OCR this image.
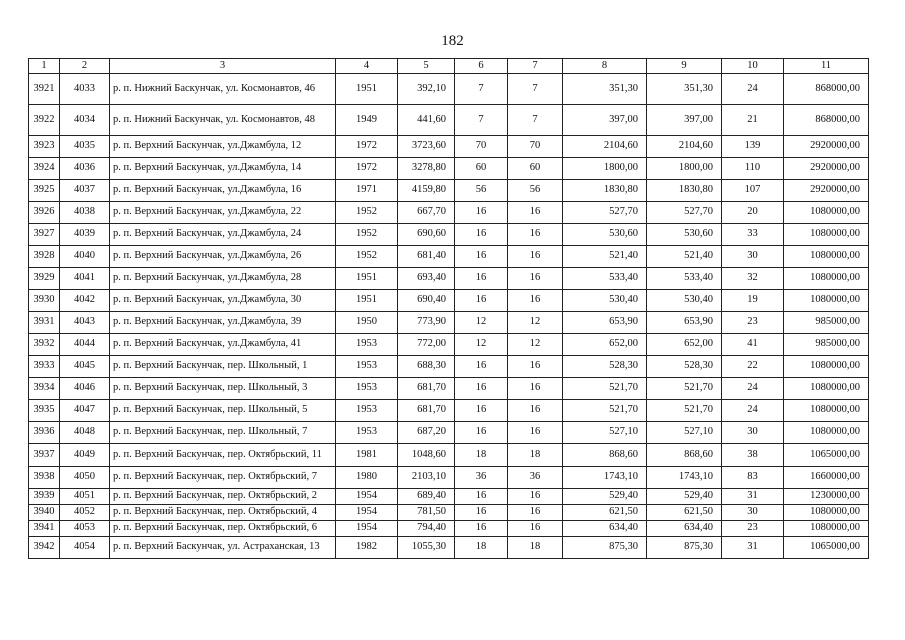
182
1	2	3	4	5	6	7	8	9	10	11
3921	4033	р. п. Нижний Баскунчак, ул. Космонавтов, 46	1951	392,10	7	7	351,30	351,30	24	868000,00
3922	4034	р. п. Нижний Баскунчак, ул. Космонавтов, 48	1949	441,60	7	7	397,00	397,00	21	868000,00
3923	4035	р. п. Верхний Баскунчак, ул.Джамбула, 12	1972	3723,60	70	70	2104,60	2104,60	139	2920000,00
3924	4036	р. п. Верхний Баскунчак, ул.Джамбула, 14	1972	3278,80	60	60	1800,00	1800,00	110	2920000,00
3925	4037	р. п. Верхний Баскунчак, ул.Джамбула, 16	1971	4159,80	56	56	1830,80	1830,80	107	2920000,00
3926	4038	р. п. Верхний Баскунчак, ул.Джамбула, 22	1952	667,70	16	16	527,70	527,70	20	1080000,00
3927	4039	р. п. Верхний Баскунчак, ул.Джамбула, 24	1952	690,60	16	16	530,60	530,60	33	1080000,00
3928	4040	р. п. Верхний Баскунчак, ул.Джамбула, 26	1952	681,40	16	16	521,40	521,40	30	1080000,00
3929	4041	р. п. Верхний Баскунчак, ул.Джамбула, 28	1951	693,40	16	16	533,40	533,40	32	1080000,00
3930	4042	р. п. Верхний Баскунчак, ул.Джамбула, 30	1951	690,40	16	16	530,40	530,40	19	1080000,00
3931	4043	р. п. Верхний Баскунчак, ул.Джамбула, 39	1950	773,90	12	12	653,90	653,90	23	985000,00
3932	4044	р. п. Верхний Баскунчак, ул.Джамбула, 41	1953	772,00	12	12	652,00	652,00	41	985000,00
3933	4045	р. п. Верхний Баскунчак, пер. Школьный, 1	1953	688,30	16	16	528,30	528,30	22	1080000,00
3934	4046	р. п. Верхний Баскунчак, пер. Школьный, 3	1953	681,70	16	16	521,70	521,70	24	1080000,00
3935	4047	р. п. Верхний Баскунчак, пер. Школьный, 5	1953	681,70	16	16	521,70	521,70	24	1080000,00
3936	4048	р. п. Верхний Баскунчак, пер. Школьный, 7	1953	687,20	16	16	527,10	527,10	30	1080000,00
3937	4049	р. п. Верхний Баскунчак, пер. Октябрьский, 11	1981	1048,60	18	18	868,60	868,60	38	1065000,00
3938	4050	р. п. Верхний Баскунчак, пер. Октябрьский, 7	1980	2103,10	36	36	1743,10	1743,10	83	1660000,00
3939	4051	р. п. Верхний Баскунчак, пер. Октябрьский, 2	1954	689,40	16	16	529,40	529,40	31	1230000,00
3940	4052	р. п. Верхний Баскунчак, пер. Октябрьский, 4	1954	781,50	16	16	621,50	621,50	30	1080000,00
3941	4053	р. п. Верхний Баскунчак, пер. Октябрьский, 6	1954	794,40	16	16	634,40	634,40	23	1080000,00
3942	4054	р. п. Верхний Баскунчак, ул. Астраханская, 13	1982	1055,30	18	18	875,30	875,30	31	1065000,00
